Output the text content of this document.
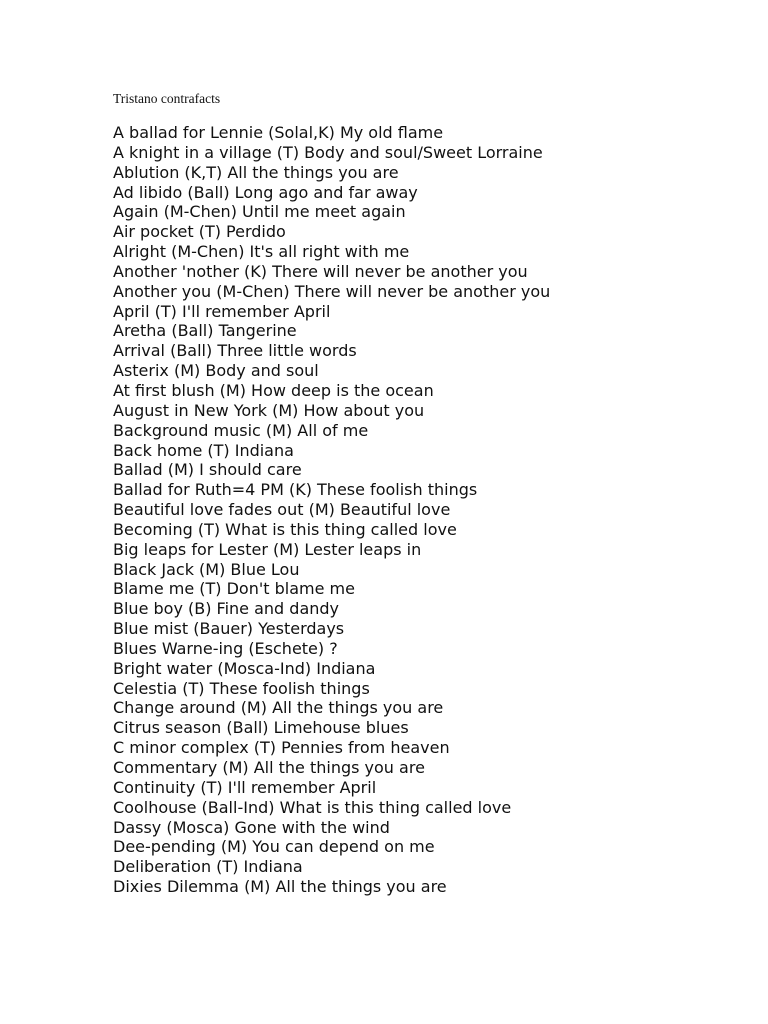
Tristano contrafacts
A ballad for Lennie (Solal,K) My old flame
A knight in a village (T) Body and soul/Sweet Lorraine
Ablution (K,T) All the things you are
Ad libido (Ball) Long ago and far away
Again (M-Chen) Until me meet again
Air pocket (T) Perdido
Alright (M-Chen) It's all right with me
Another 'nother (K) There will never be another you
Another you (M-Chen) There will never be another you
April (T) I'll remember April
Aretha (Ball) Tangerine
Arrival (Ball) Three little words
Asterix (M) Body and soul
At first blush (M) How deep is the ocean
August in New York (M) How about you
Background music (M) All of me
Back home (T) Indiana
Ballad (M) I should care
Ballad for Ruth=4 PM (K) These foolish things
Beautiful love fades out (M) Beautiful love
Becoming (T) What is this thing called love
Big leaps for Lester (M) Lester leaps in
Black Jack (M) Blue Lou
Blame me (T) Don't blame me
Blue boy (B) Fine and dandy
Blue mist (Bauer) Yesterdays
Blues Warne-ing (Eschete) ?
Bright water (Mosca-Ind) Indiana
Celestia (T) These foolish things
Change around (M) All the things you are
Citrus season (Ball) Limehouse blues
C minor complex (T) Pennies from heaven
Commentary (M) All the things you are
Continuity (T) I'll remember April
Coolhouse (Ball-Ind) What is this thing called love
Dassy (Mosca) Gone with the wind
Dee-pending (M) You can depend on me
Deliberation (T) Indiana
Dixies Dilemma (M) All the things you are
